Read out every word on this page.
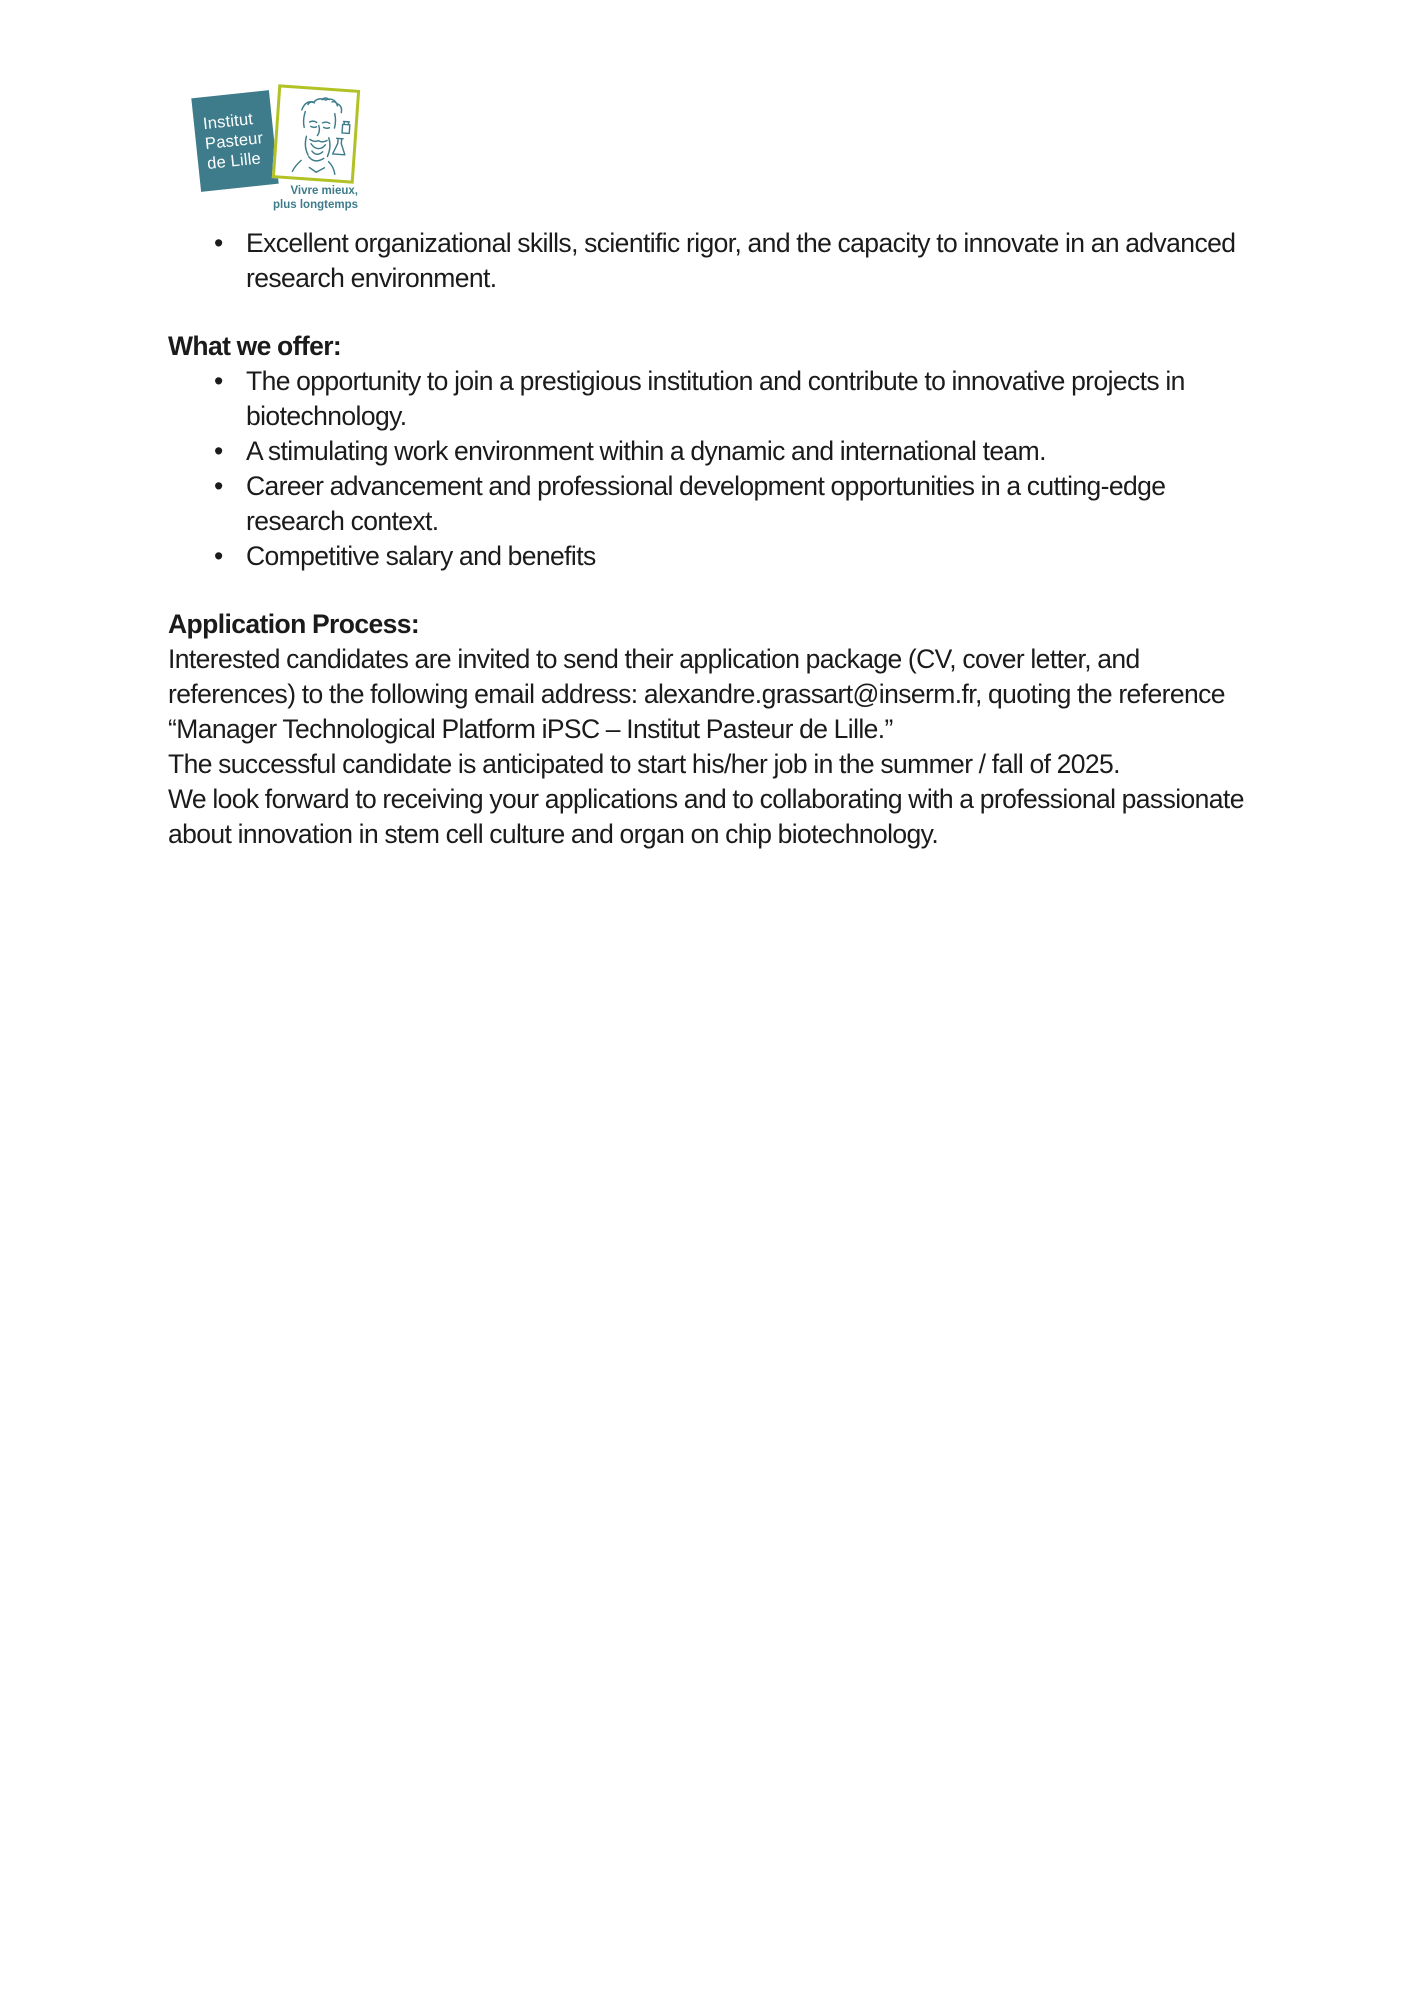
Institut
Pasteur
de Lille
Vivre mieux,
plus longtemps
• Excellent organizational skills, scientific rigor, and the capacity to innovate in an advanced research environment.
What we offer:
• The opportunity to join a prestigious institution and contribute to innovative projects in biotechnology.
• A stimulating work environment within a dynamic and international team.
• Career advancement and professional development opportunities in a cutting-edge research context.
• Competitive salary and benefits
Application Process:

Interested candidates are invited to send their application package (CV, cover letter, and references) to the following email address: alexandre.grassart@inserm.fr, quoting the reference “Manager Technological Platform iPSC – Institut Pasteur de Lille.”

The successful candidate is anticipated to start his/her job in the summer / fall of 2025.

We look forward to receiving your applications and to collaborating with a professional passionate about innovation in stem cell culture and organ on chip biotechnology.
